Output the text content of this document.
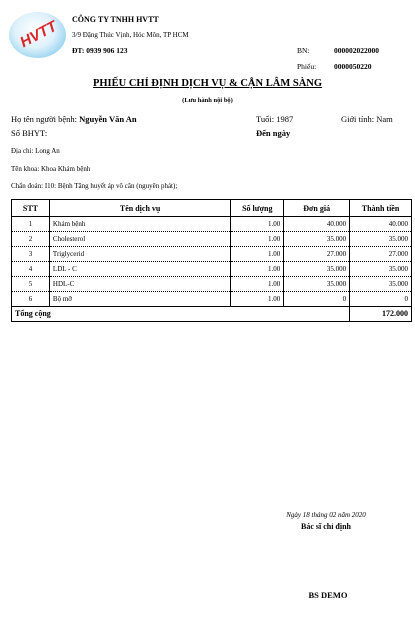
HVTT CÔNG TY TNHH HVTT
3/9 Đặng Thúc Vịnh, Hóc Môn, TP HCM
ĐT: 0939 906 123	BN:	000002022000
Phiếu: 0000050220
PHIẾU CHỈ ĐỊNH DỊCH VỤ & CẬN LÂM SÀNG
(Lưu hành nội bộ)
Họ tên người bệnh: Nguyễn Văn An	Tuổi: 1987	Giới tính: Nam
Số BHYT:	Đến ngày
Địa chỉ: Long An
Tên khoa: Khoa Khám bệnh
Chẩn đoán: I10: Bệnh Tăng huyết áp vô căn (nguyên phát);
STT	Tên dịch vụ	Số lượng	Đơn giá	Thành tiền
1	Khám bệnh	1.00	40.000	40.000
2	Cholesterol	1.00	35.000	35.000
3	Triglycerid	1.00	27.000	27.000
4	LDL - C	1.00	35.000	35.000
5	HDL-C	1.00	35.000	35.000
6	Bộ mỡ	1.00	0	0
Tổng cộng				172.000
Ngày 18 tháng 02 năm 2020
Bác sĩ chỉ định
BS DEMO
